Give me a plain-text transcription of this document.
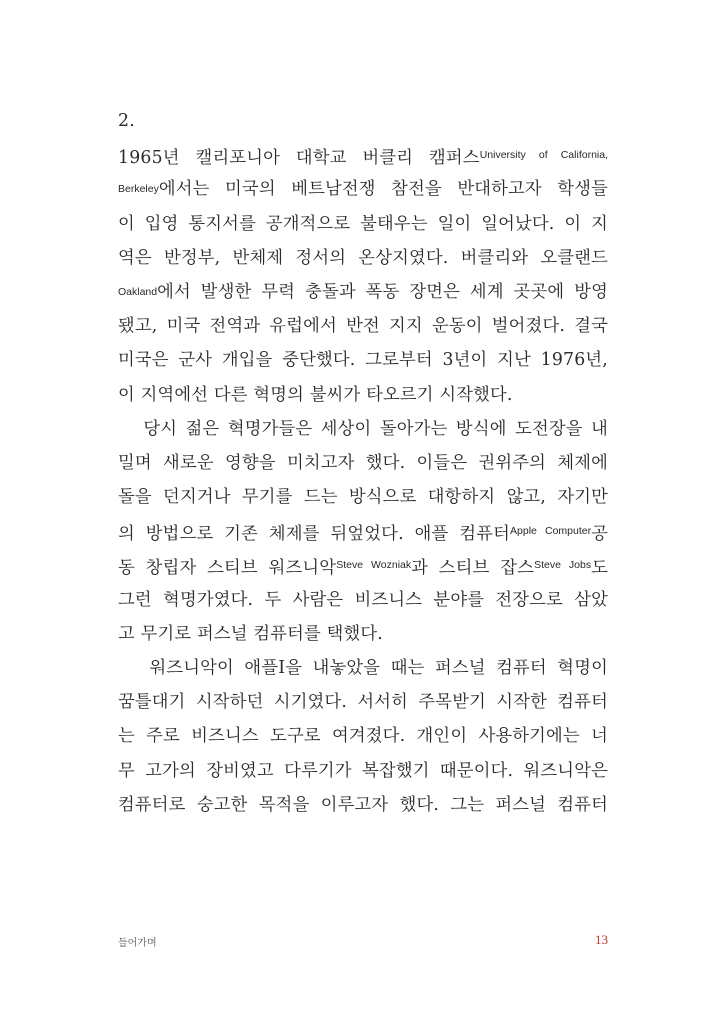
2.
1965년 캘리포니아 대학교 버클리 캠퍼스$^{University of California,}$
Berkeley에서는 미국의 베트남전쟁 참전을 반대하고자 학생들
이 입영 통지서를 공개적으로 불태우는 일이 일어났다. 이 지
역은 반정부, 반체제 정서의 온상지였다. 버클리와 오클랜드
Oakland에서 발생한 무력 충돌과 폭동 장면은 세계 곳곳에 방영
됐고, 미국 전역과 유럽에서 반전 지지 운동이 벌어졌다. 결국
미국은 군사 개입을 중단했다. 그로부터 3년이 지난 1976년,
이 지역에선 다른 혁명의 불씨가 타오르기 시작했다.
당시 젊은 혁명가들은 세상이 돌아가는 방식에 도전장을 내
밀며 새로운 영향을 미치고자 했다. 이들은 권위주의 체제에
돌을 던지거나 무기를 드는 방식으로 대항하지 않고, 자기만
의 방법으로 기존 체제를 뒤엎었다. 애플 컴퓨터$^{Apple Computer}$공
동 창립자 스티브 워즈니악$^{Steve Wozniak}$과 스티브 잡스$^{Steve Jobs}$도
그런 혁명가였다. 두 사람은 비즈니스 분야를 전장으로 삼았
고 무기로 퍼스널 컴퓨터를 택했다.
워즈니악이 애플I을 내놓았을 때는 퍼스널 컴퓨터 혁명이
꿈틀대기 시작하던 시기였다. 서서히 주목받기 시작한 컴퓨터
는 주로 비즈니스 도구로 여겨졌다. 개인이 사용하기에는 너
무 고가의 장비였고 다루기가 복잡했기 때문이다. 워즈니악은
컴퓨터로 숭고한 목적을 이루고자 했다. 그는 퍼스널 컴퓨터
들어가며	13
